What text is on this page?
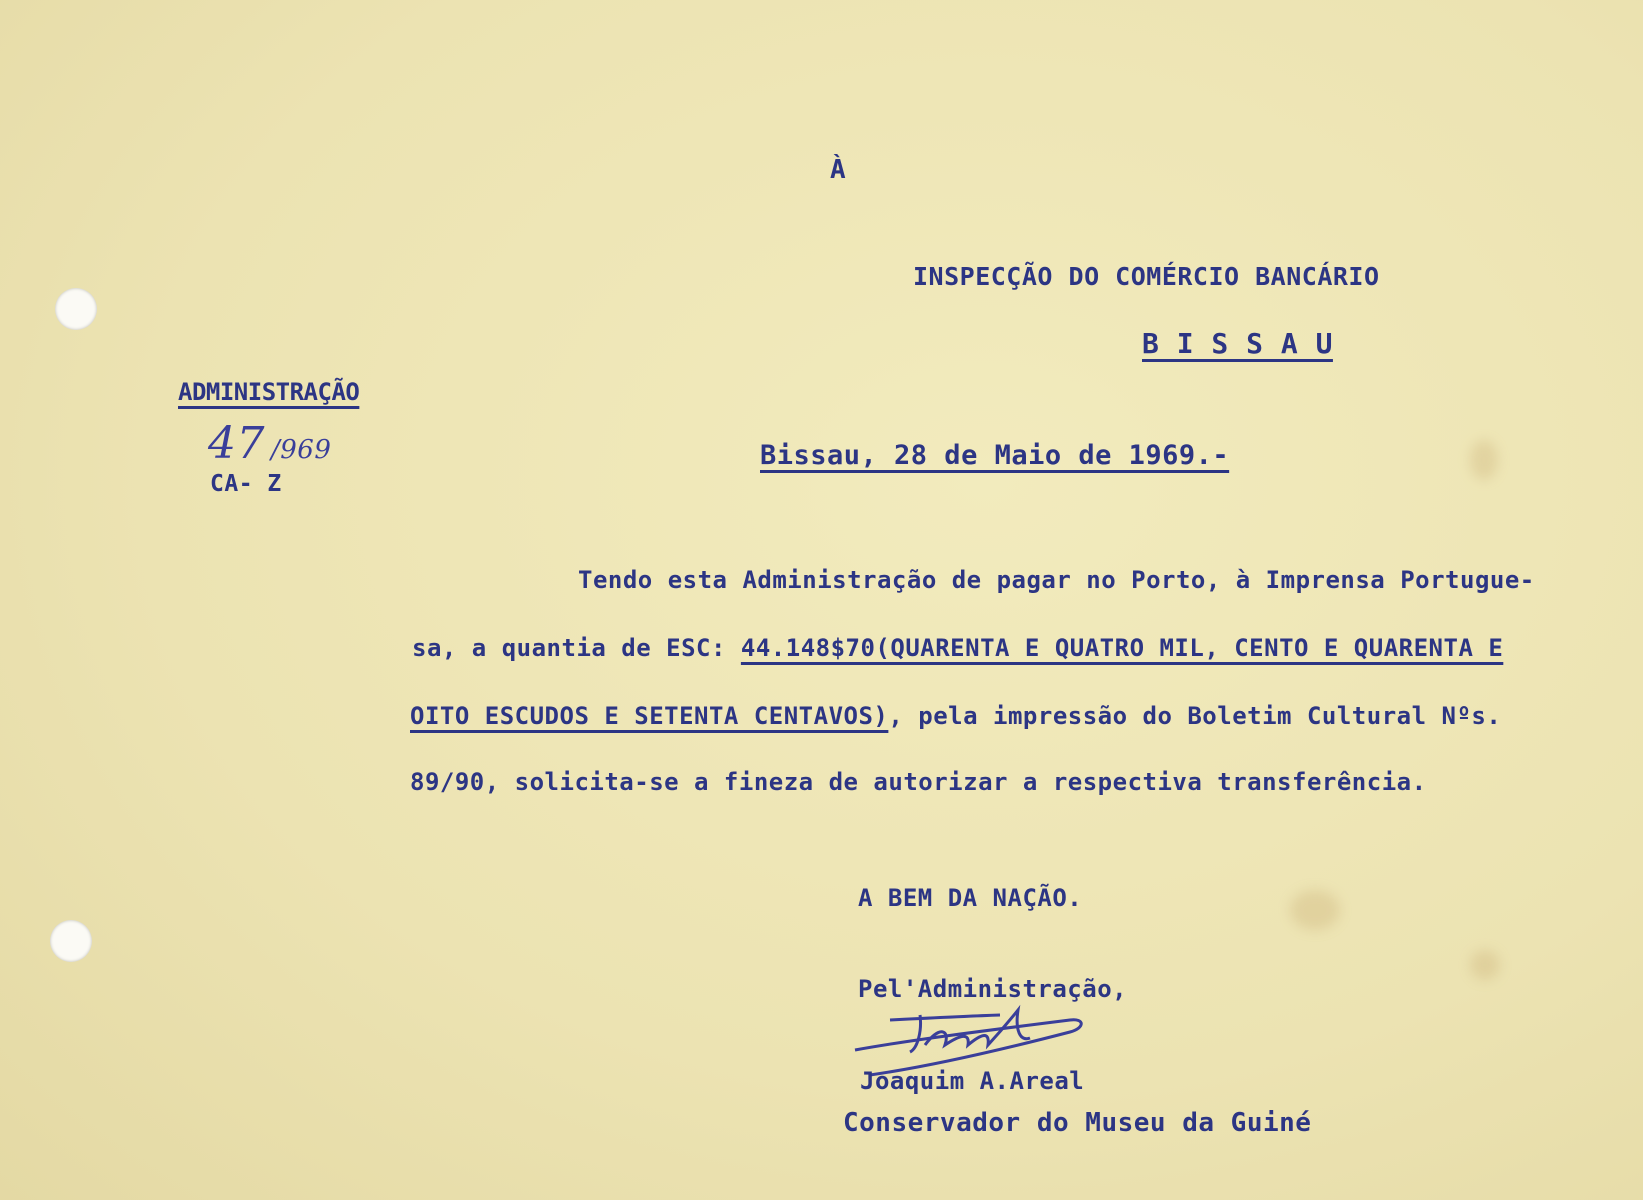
À
INSPECÇÃO DO COMÉRCIO BANCÁRIO
B I S S A U
ADMINISTRAÇÃO
47 /969
CA- Z
Bissau, 28 de Maio de 1969.-
Tendo esta Administração de pagar no Porto, à Imprensa Portugue-
sa, a quantia de ESC: 44.148$70(QUARENTA E QUATRO MIL, CENTO E QUARENTA E
OITO ESCUDOS E SETENTA CENTAVOS), pela impressão do Boletim Cultural Nºs.
89/90, solicita-se a fineza de autorizar a respectiva transferência.
A BEM DA NAÇÃO.
Pel'Administração,
Joaquim A.Areal
Conservador do Museu da Guiné
